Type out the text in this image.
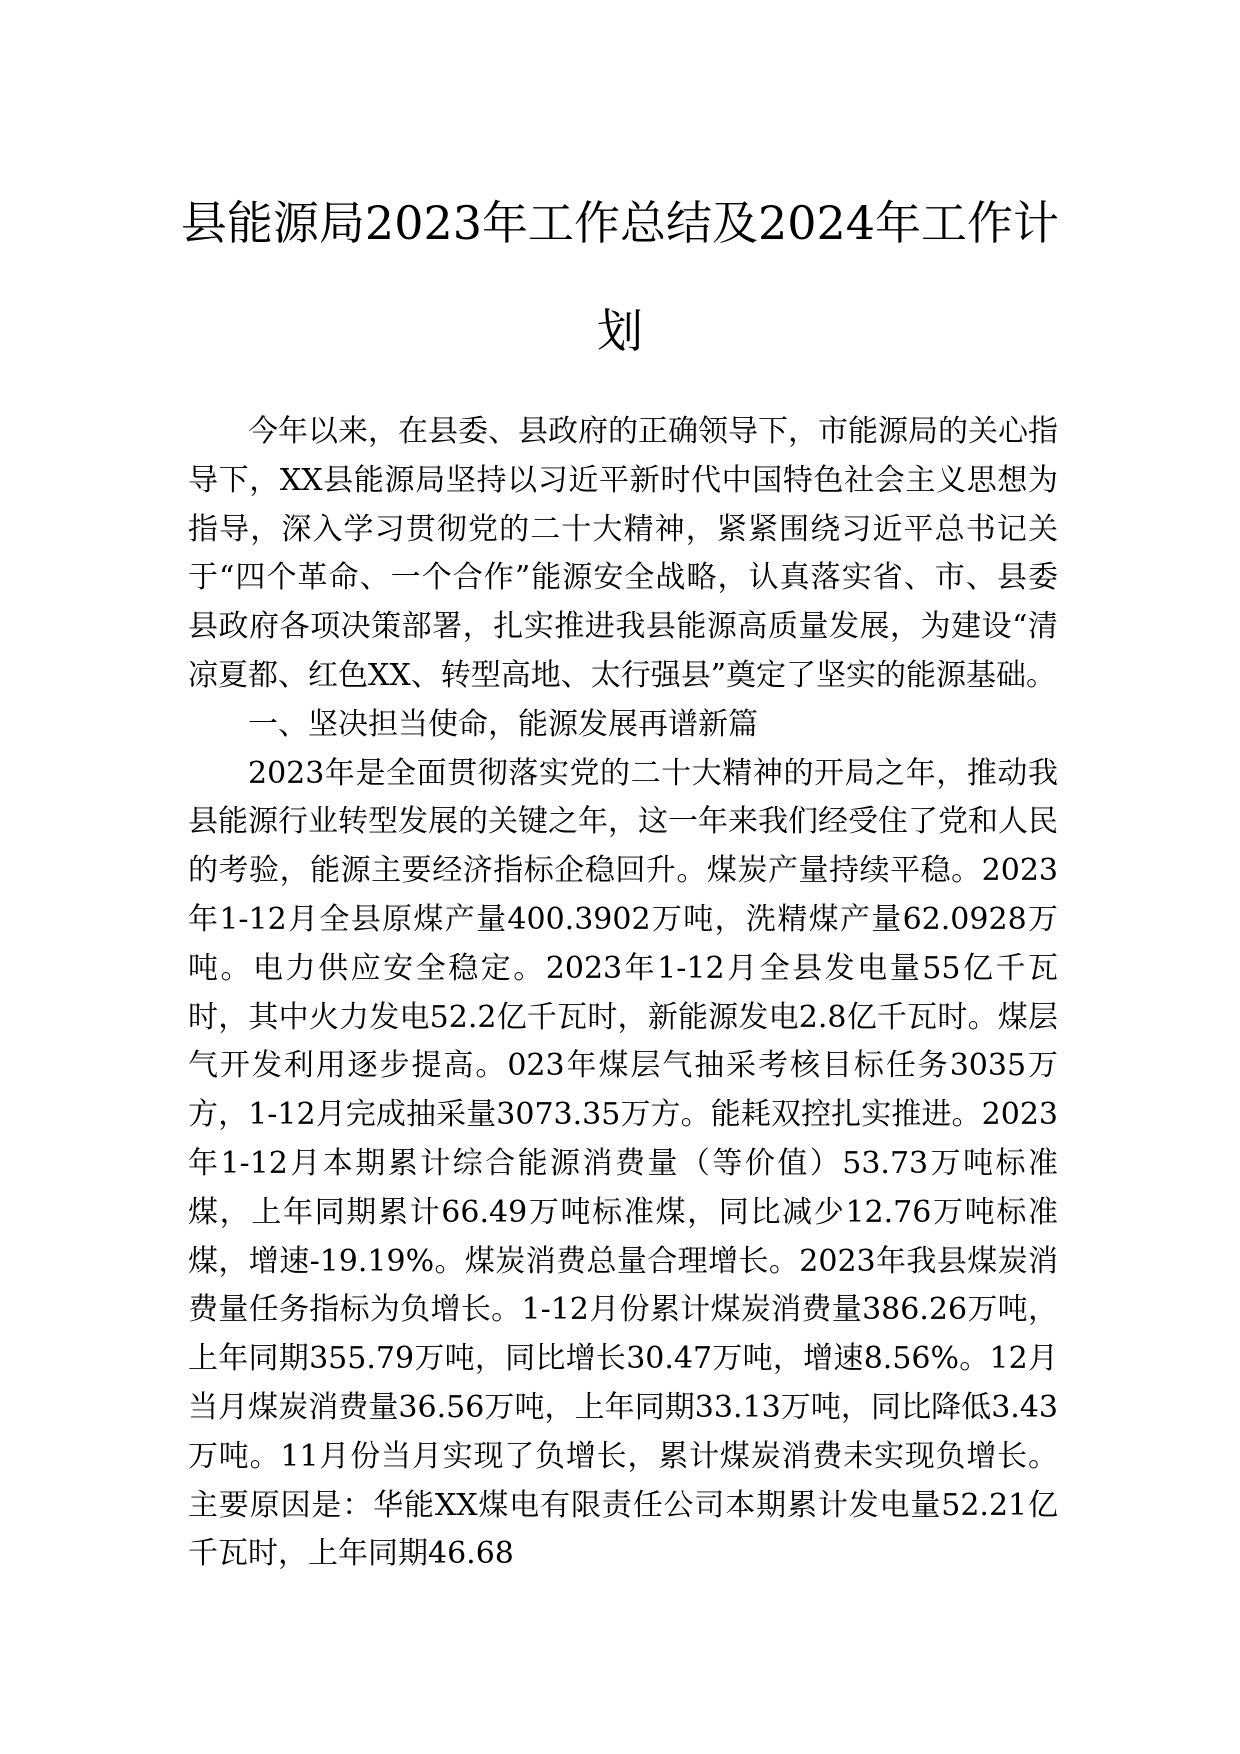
县能源局2023年工作总结及2024年工作计划

今年以来，在县委、县政府的正确领导下，市能源局的关心指导下，XX县能源局坚持以习近平新时代中国特色社会主义思想为指导，深入学习贯彻党的二十大精神，紧紧围绕习近平总书记关于“四个革命、一个合作”能源安全战略，认真落实省、市、县委县政府各项决策部署，扎实推进我县能源高质量发展，为建设“清凉夏都、红色XX、转型高地、太行强县”奠定了坚实的能源基础。

一、坚决担当使命，能源发展再谱新篇

2023年是全面贯彻落实党的二十大精神的开局之年，推动我县能源行业转型发展的关键之年，这一年来我们经受住了党和人民的考验，能源主要经济指标企稳回升。煤炭产量持续平稳。2023年1-12月全县原煤产量400.3902万吨，洗精煤产量62.0928万吨。电力供应安全稳定。2023年1-12月全县发电量55亿千瓦时，其中火力发电52.2亿千瓦时，新能源发电2.8亿千瓦时。煤层气开发利用逐步提高。023年煤层气抽采考核目标任务3035万方，1-12月完成抽采量3073.35万方。能耗双控扎实推进。2023年1-12月本期累计综合能源消费量（等价值）53.73万吨标准煤，上年同期累计66.49万吨标准煤，同比减少12.76万吨标准煤，增速-19.19%。煤炭消费总量合理增长。2023年我县煤炭消费量任务指标为负增长。1-12月份累计煤炭消费量386.26万吨，上年同期355.79万吨，同比增长30.47万吨，增速8.56%。12月当月煤炭消费量36.56万吨，上年同期33.13万吨，同比降低3.43万吨。11月份当月实现了负增长，累计煤炭消费未实现负增长。主要原因是：华能XX煤电有限责任公司本期累计发电量52.21亿千瓦时，上年同期46.68
